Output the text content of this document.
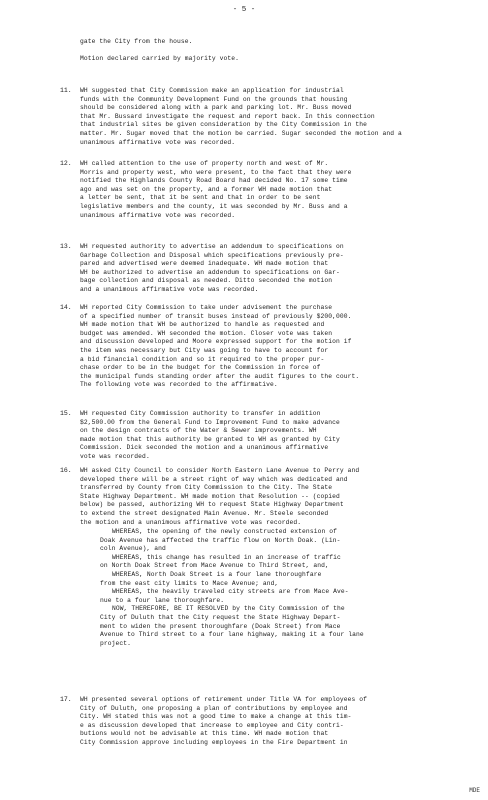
- 5 -
gate the City from the house.
Motion declared carried by majority vote.
11. WH suggested that City Commission make an application for industrial
funds with the Community Development Fund on the grounds that housing
should be considered along with a park and parking lot. Mr. Buss moved
that Mr. Bussard investigate the request and report back. In this connection
that industrial sites be given consideration by the City Commission in the
matter. Mr. Sugar moved that the motion be carried. Sugar seconded the motion and a
unanimous affirmative vote was recorded.
12. WH called attention to the use of property north and west of Mr.
Morris and property west, who were present, to the fact that they were
notified the Highlands County Road Board had decided No. 17 some time
ago and was set on the property, and a former WH made motion that
a letter be sent, that it be sent and that in order to be sent
legislative members and the county, it was seconded by Mr. Buss and a
unanimous affirmative vote was recorded.
13. WH requested authority to advertise an addendum to specifications on
Garbage Collection and Disposal which specifications previously pre-
pared and advertised were deemed inadequate. WH made motion that
WH be authorized to advertise an addendum to specifications on Gar-
bage collection and disposal as needed. Ditto seconded the motion
and a unanimous affirmative vote was recorded.
14. WH reported City Commission to take under advisement the purchase
of a specified number of transit buses instead of previously $200,000.
WH made motion that WH be authorized to handle as requested and
budget was amended. WH seconded the motion. Closer vote was taken
and discussion developed and Moore expressed support for the motion if
the item was necessary but City was going to have to account for
a bid financial condition and so it required to the proper pur-
chase order to be in the budget for the Commission in force of
the municipal funds standing order after the audit figures to the court.
The following vote was recorded to the affirmative.
15. WH requested City Commission authority to transfer in addition
$2,500.00 from the General Fund to Improvement Fund to make advance
on the design contracts of the Water & Sewer improvements. WH
made motion that this authority be granted to WH as granted by City
Commission. Dick seconded the motion and a unanimous affirmative
vote was recorded.
16. WH asked City Council to consider North Eastern Lane Avenue to Perry and
developed there will be a street right of way which was dedicated and
transferred by County from City Commission to the City. The State
State Highway Department. WH made motion that Resolution -- (copied
below) be passed, authorizing WH to request State Highway Department
to extend the street designated Main Avenue. Mr. Steele seconded
the motion and a unanimous affirmative vote was recorded.
WHEREAS, the opening of the newly constructed extension of
Doak Avenue has affected the traffic flow on North Doak. (Lin-
coln Avenue), and
WHEREAS, this change has resulted in an increase of traffic
on North Doak Street from Mace Avenue to Third Street, and,
WHEREAS, North Doak Street is a four lane thoroughfare
from the east city limits to Mace Avenue; and,
WHEREAS, the heavily traveled city streets are from Mace Ave-
nue to a four lane thoroughfare.
NOW, THEREFORE, BE IT RESOLVED by the City Commission of the
City of Duluth that the City request the State Highway Depart-
ment to widen the present thoroughfare (Doak Street) from Mace
Avenue to Third street to a four lane highway, making it a four lane
project.
17. WH presented several options of retirement under Title VA for employees of
City of Duluth, one proposing a plan of contributions by employee and
City. WH stated this was not a good time to make a change at this tim-
e as discussion developed that increase to employee and City contri-
butions would not be advisable at this time. WH made motion that
City Commission approve including employees in the Fire Department in
MDE
